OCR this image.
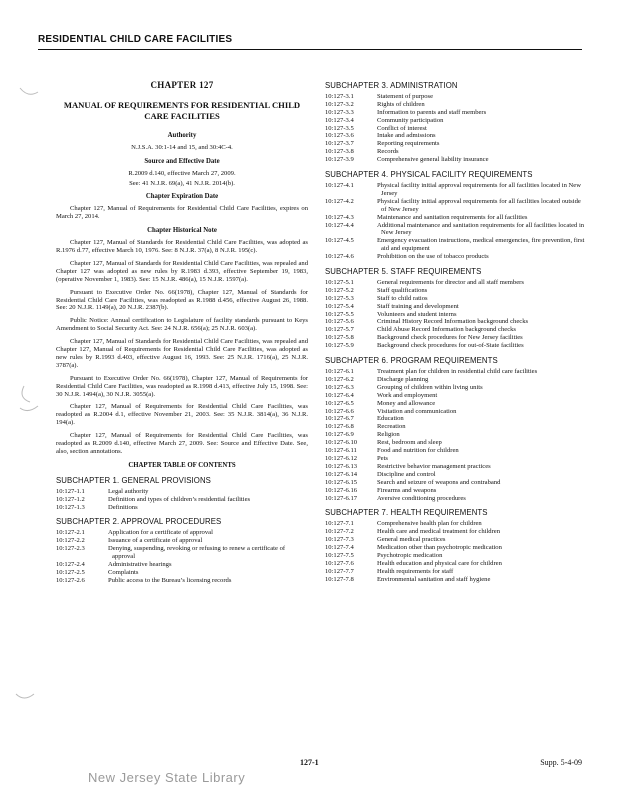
RESIDENTIAL CHILD CARE FACILITIES
CHAPTER 127
MANUAL OF REQUIREMENTS FOR RESIDENTIAL CHILD CARE FACILITIES
Authority
N.J.S.A. 30:1-14 and 15, and 30:4C-4.
Source and Effective Date
R.2009 d.140, effective March 27, 2009.
See: 41 N.J.R. 69(a), 41 N.J.R. 2014(b).
Chapter Expiration Date
Chapter 127, Manual of Requirements for Residential Child Care Facilities, expires on March 27, 2014.
Chapter Historical Note
Chapter 127, Manual of Standards for Residential Child Care Facilities, was adopted as R.1976 d.77, effective March 10, 1976. See: 8 N.J.R. 37(a), 8 N.J.R. 195(c).
Chapter 127, Manual of Standards for Residential Child Care Facilities, was repealed and Chapter 127 was adopted as new rules by R.1983 d.393, effective September 19, 1983, (operative November 1, 1983). See: 15 N.J.R. 486(a), 15 N.J.R. 1597(a).
Pursuant to Executive Order No. 66(1978), Chapter 127, Manual of Standards for Residential Child Care Facilities, was readopted as R.1988 d.456, effective August 26, 1988. See: 20 N.J.R. 1149(a), 20 N.J.R. 2387(b).
Public Notice: Annual certification to Legislature of facility standards pursuant to Keys Amendment to Social Security Act. See: 24 N.J.R. 656(a); 25 N.J.R. 603(a).
Chapter 127, Manual of Standards for Residential Child Care Facilities, was repealed and Chapter 127, Manual of Requirements for Residential Child Care Facilities, was adopted as new rules by R.1993 d.403, effective August 16, 1993. See: 25 N.J.R. 1716(a), 25 N.J.R. 3787(a).
Pursuant to Executive Order No. 66(1978), Chapter 127, Manual of Requirements for Residential Child Care Facilities, was readopted as R.1998 d.413, effective July 15, 1998. See: 30 N.J.R. 1494(a), 30 N.J.R. 3055(a).
Chapter 127, Manual of Requirements for Residential Child Care Facilities, was readopted as R.2004 d.1, effective November 21, 2003. See: 35 N.J.R. 3814(a), 36 N.J.R. 194(a).
Chapter 127, Manual of Requirements for Residential Child Care Facilities, was readopted as R.2009 d.140, effective March 27, 2009. See: Source and Effective Date. See, also, section annotations.
CHAPTER TABLE OF CONTENTS
SUBCHAPTER 1. GENERAL PROVISIONS
10:127-1.1	Legal authority
10:127-1.2	Definition and types of children’s residential facilities
10:127-1.3	Definitions
SUBCHAPTER 2. APPROVAL PROCEDURES
10:127-2.1	Application for a certificate of approval
10:127-2.2	Issuance of a certificate of approval
10:127-2.3	Denying, suspending, revoking or refusing to renew a certificate of approval
10:127-2.4	Administrative hearings
10:127-2.5	Complaints
10:127-2.6	Public access to the Bureau’s licensing records
SUBCHAPTER 3. ADMINISTRATION
10:127-3.1	Statement of purpose
10:127-3.2	Rights of children
10:127-3.3	Information to parents and staff members
10:127-3.4	Community participation
10:127-3.5	Conflict of interest
10:127-3.6	Intake and admissions
10:127-3.7	Reporting requirements
10:127-3.8	Records
10:127-3.9	Comprehensive general liability insurance
SUBCHAPTER 4. PHYSICAL FACILITY REQUIREMENTS
10:127-4.1	Physical facility initial approval requirements for all facilities located in New Jersey
10:127-4.2	Physical facility initial approval requirements for all facilities located outside of New Jersey
10:127-4.3	Maintenance and sanitation requirements for all facilities
10:127-4.4	Additional maintenance and sanitation requirements for all facilities located in New Jersey
10:127-4.5	Emergency evacuation instructions, medical emergencies, fire prevention, first aid and equipment
10:127-4.6	Prohibition on the use of tobacco products
SUBCHAPTER 5. STAFF REQUIREMENTS
10:127-5.1	General requirements for director and all staff members
10:127-5.2	Staff qualifications
10:127-5.3	Staff to child ratios
10:127-5.4	Staff training and development
10:127-5.5	Volunteers and student interns
10:127-5.6	Criminal History Record Information background checks
10:127-5.7	Child Abuse Record Information background checks
10:127-5.8	Background check procedures for New Jersey facilities
10:127-5.9	Background check procedures for out-of-State facilities
SUBCHAPTER 6. PROGRAM REQUIREMENTS
10:127-6.1	Treatment plan for children in residential child care facilities
10:127-6.2	Discharge planning
10:127-6.3	Grouping of children within living units
10:127-6.4	Work and employment
10:127-6.5	Money and allowance
10:127-6.6	Visitation and communication
10:127-6.7	Education
10:127-6.8	Recreation
10:127-6.9	Religion
10:127-6.10	Rest, bedroom and sleep
10:127-6.11	Food and nutrition for children
10:127-6.12	Pets
10:127-6.13	Restrictive behavior management practices
10:127-6.14	Discipline and control
10:127-6.15	Search and seizure of weapons and contraband
10:127-6.16	Firearms and weapons
10:127-6.17	Aversive conditioning procedures
SUBCHAPTER 7. HEALTH REQUIREMENTS
10:127-7.1	Comprehensive health plan for children
10:127-7.2	Health care and medical treatment for children
10:127-7.3	General medical practices
10:127-7.4	Medication other than psychotropic medication
10:127-7.5	Psychotropic medication
10:127-7.6	Health education and physical care for children
10:127-7.7	Health requirements for staff
10:127-7.8	Environmental sanitation and staff hygiene
127-1	Supp. 5-4-09
New Jersey State Library
